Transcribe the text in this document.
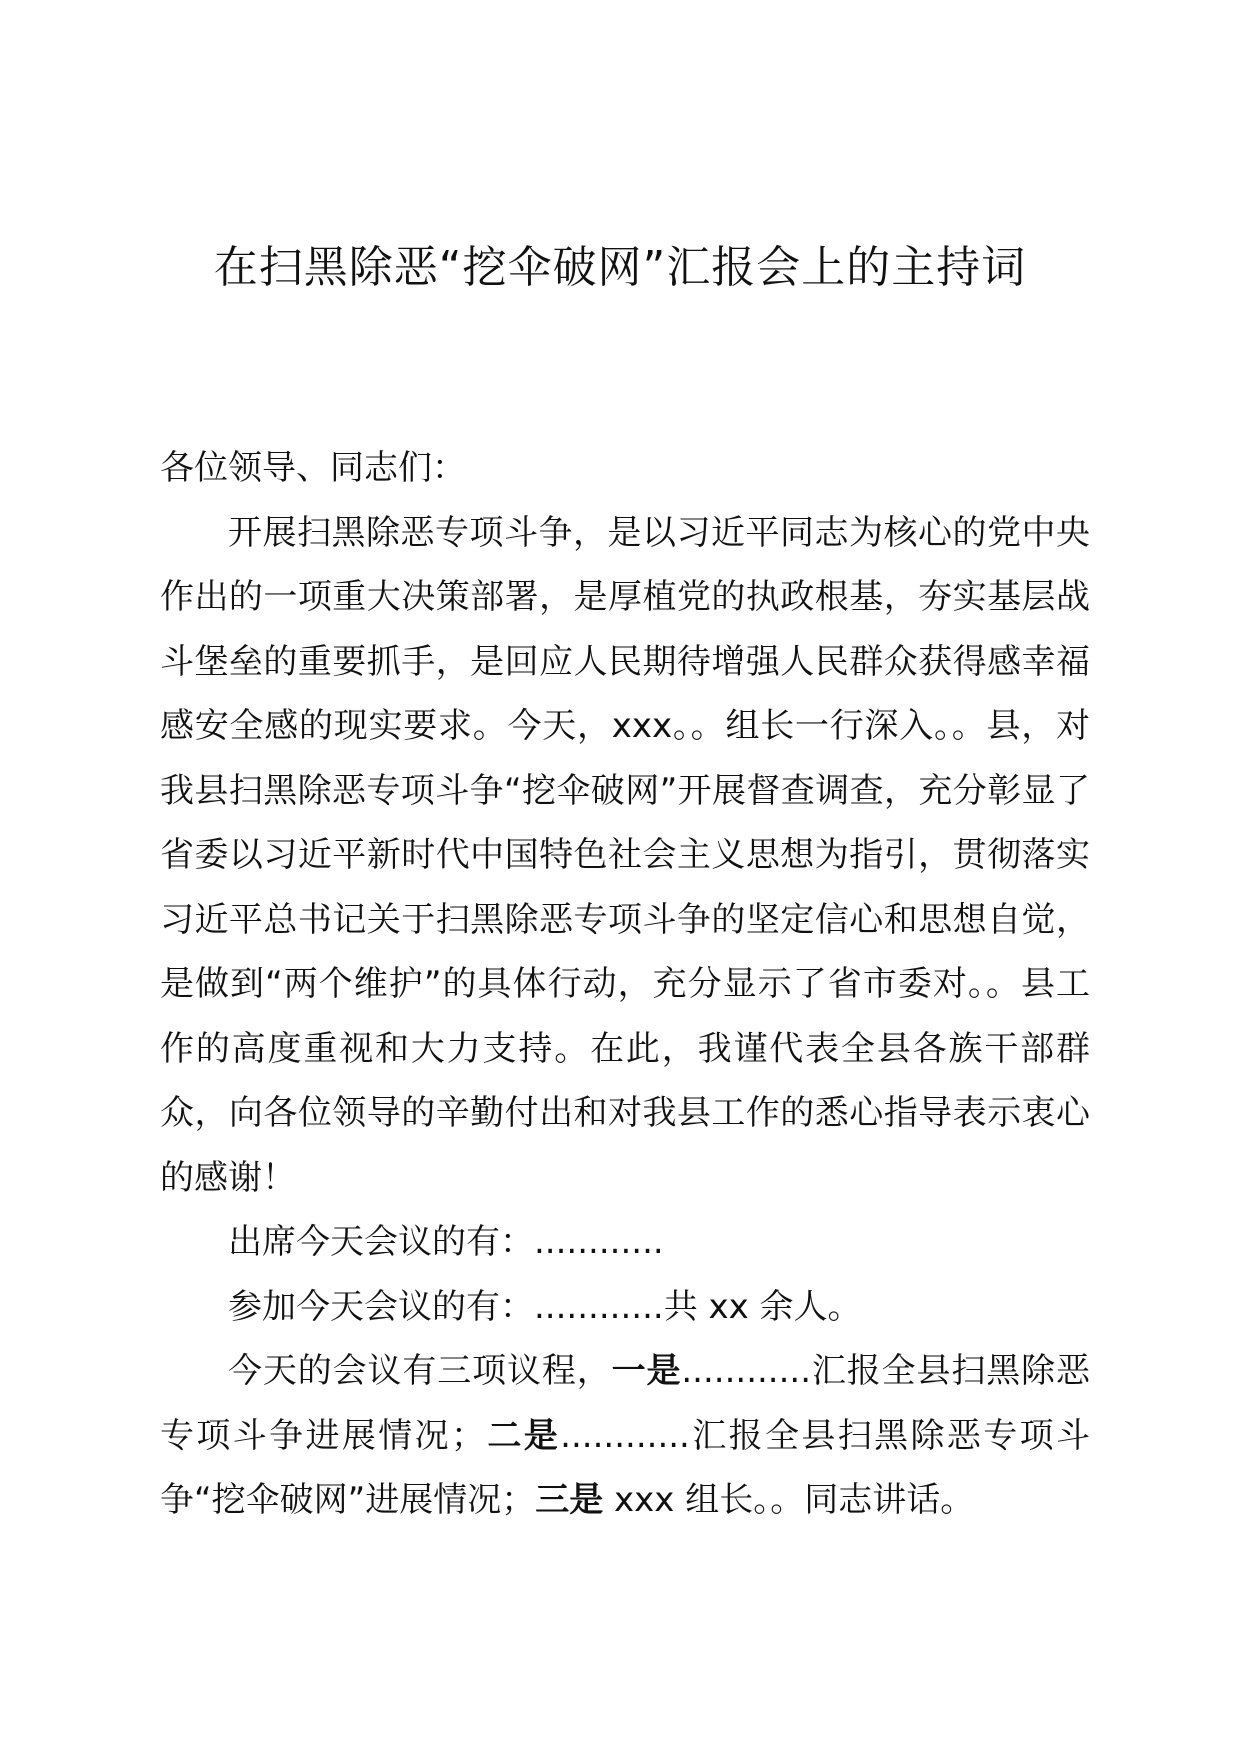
在扫黑除恶“挖伞破网”汇报会上的主持词

各位领导、同志们：

开展扫黑除恶专项斗争，是以习近平同志为核心的党中央作出的一项重大决策部署，是厚植党的执政根基，夯实基层战斗堡垒的重要抓手，是回应人民期待增强人民群众获得感幸福感安全感的现实要求。今天，xxx。。组长一行深入。。县，对我县扫黑除恶专项斗争“挖伞破网”开展督查调查，充分彰显了省委以习近平新时代中国特色社会主义思想为指引，贯彻落实习近平总书记关于扫黑除恶专项斗争的坚定信心和思想自觉，是做到“两个维护”的具体行动，充分显示了省市委对。。县工作的高度重视和大力支持。在此，我谨代表全县各族干部群众，向各位领导的辛勤付出和对我县工作的悉心指导表示衷心的感谢！

出席今天会议的有：............

参加今天会议的有：............共 xx 余人。

今天的会议有三项议程，一是............汇报全县扫黑除恶专项斗争进展情况；二是............汇报全县扫黑除恶专项斗争“挖伞破网”进展情况；三是 xxx 组长。。同志讲话。
